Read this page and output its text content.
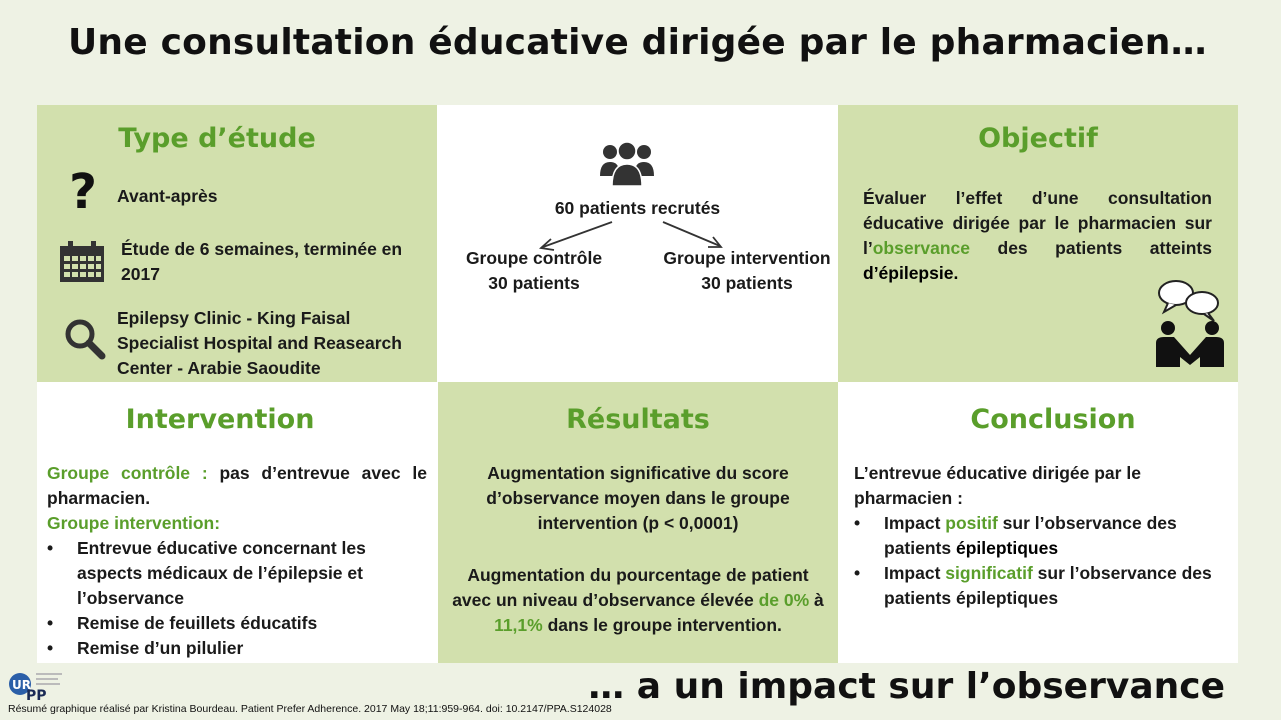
Une consultation éducative dirigée par le pharmacien…
Type d’étude
? Avant-après
Étude de 6 semaines, terminée en 2017
Epilepsy Clinic - King Faisal Specialist Hospital and Reasearch Center - Arabie Saoudite
60 patients recrutés
Groupe contrôle
30 patients
Groupe intervention
30 patients
Objectif
Évaluer l’effet d’une consultation éducative dirigée par le pharmacien sur l’observance des patients atteints d’épilepsie.
Intervention
Groupe contrôle : pas d’entrevue avec le pharmacien.
Groupe intervention:
• Entrevue éducative concernant les aspects médicaux de l’épilepsie et l’observance
• Remise de feuillets éducatifs
• Remise d’un pilulier
Résultats
Augmentation significative du score d’observance moyen dans le groupe intervention (p < 0,0001)
Augmentation du pourcentage de patient avec un niveau d’observance élevée de 0% à 11,1% dans le groupe intervention.
Conclusion
L’entrevue éducative dirigée par le pharmacien :
• Impact positif sur l’observance des patients épileptiques
• Impact significatif sur l’observance des patients épileptiques
UR
PP	… a un impact sur l’observance
Résumé graphique réalisé par Kristina Bourdeau. Patient Prefer Adherence. 2017 May 18;11:959-964. doi: 10.2147/PPA.S124028
